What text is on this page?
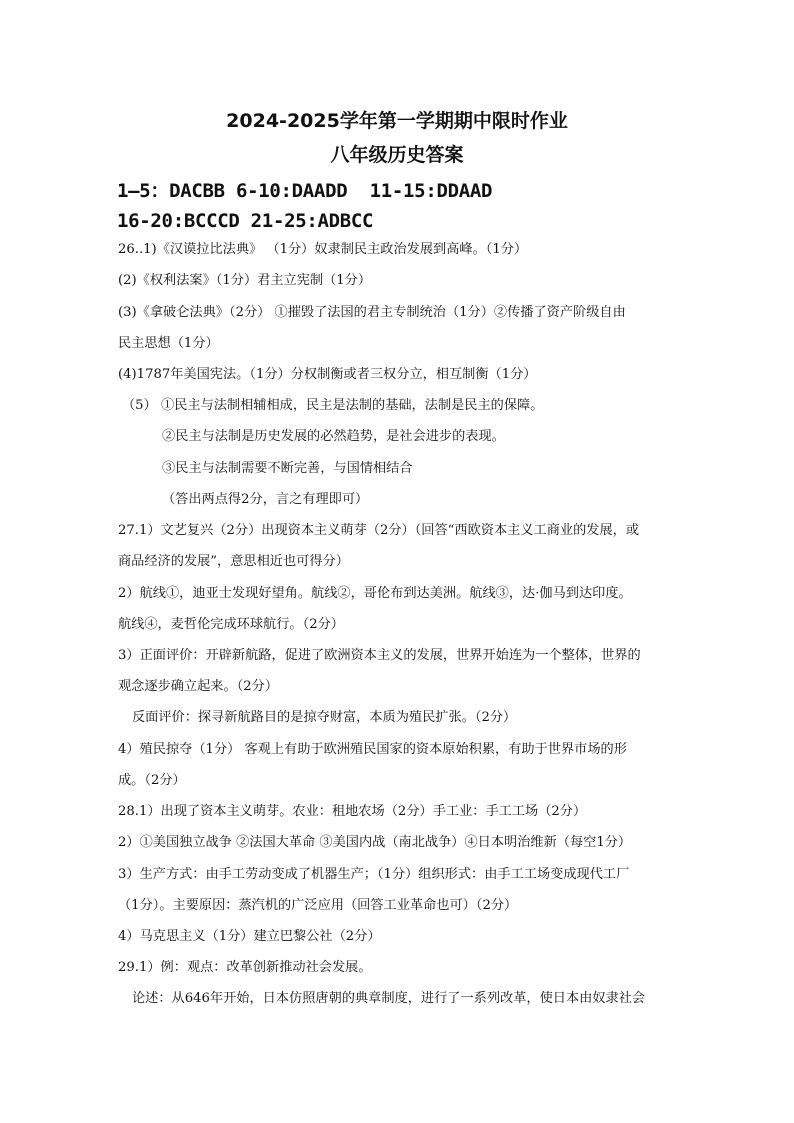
2024-2025学年第一学期期中限时作业
八年级历史答案
1—5：DACBB 6-10:DAADD  11-15:DDAAD
16-20:BCCCD 21-25:ADBCC
26..1)《汉谟拉比法典》 （1分）奴隶制民主政治发展到高峰。（1分）
(2)《权利法案》（1分）君主立宪制（1分）
(3)《拿破仑法典》（2分） ①摧毁了法国的君主专制统治（1分）②传播了资产阶级自由
民主思想（1分）
(4)1787年美国宪法。（1分）分权制衡或者三权分立，相互制衡（1分）
（5） ①民主与法制相辅相成，民主是法制的基础，法制是民主的保障。
②民主与法制是历史发展的必然趋势，是社会进步的表现。
③民主与法制需要不断完善，与国情相结合
（答出两点得2分，言之有理即可）
27.1）文艺复兴（2分）出现资本主义萌芽（2分）（回答“西欧资本主义工商业的发展，或
商品经济的发展”，意思相近也可得分）
2）航线①，迪亚士发现好望角。航线②，哥伦布到达美洲。航线③，达·伽马到达印度。
航线④，麦哲伦完成环球航行。（2分）
3）正面评价：开辟新航路，促进了欧洲资本主义的发展，世界开始连为一个整体，世界的
观念逐步确立起来。（2分）
反面评价：探寻新航路目的是掠夺财富，本质为殖民扩张。（2分）
4）殖民掠夺（1分） 客观上有助于欧洲殖民国家的资本原始积累，有助于世界市场的形
成。（2分）
28.1）出现了资本主义萌芽。农业：租地农场（2分）手工业：手工工场（2分）
2）①美国独立战争 ②法国大革命 ③美国内战（南北战争）④日本明治维新（每空1分）
3）生产方式：由手工劳动变成了机器生产；（1分）组织形式：由手工工场变成现代工厂
（1分）。主要原因：蒸汽机的广泛应用（回答工业革命也可）（2分）
4）马克思主义（1分）建立巴黎公社（2分）
29.1）例：观点：改革创新推动社会发展。
论述：从646年开始，日本仿照唐朝的典章制度，进行了一系列改革，使日本由奴隶社会
